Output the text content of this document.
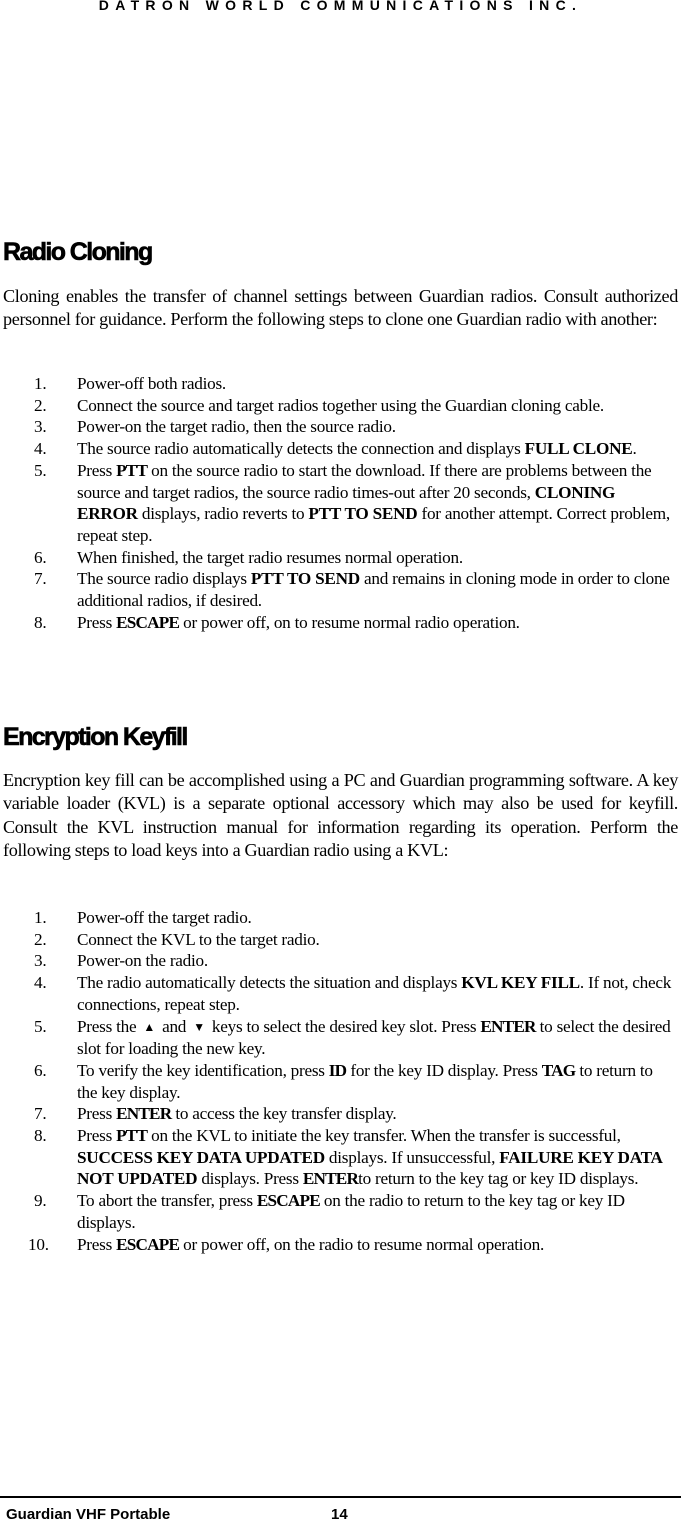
DATRON WORLD COMMUNICATIONS INC.
Radio Cloning
Cloning enables the transfer of channel settings between Guardian radios. Consult authorized personnel for guidance. Perform the following steps to clone one Guardian radio with another:
1. Power-off both radios.
2. Connect the source and target radios together using the Guardian cloning cable.
3. Power-on the target radio, then the source radio.
4. The source radio automatically detects the connection and displays FULL CLONE.
5. Press PTT on the source radio to start the download. If there are problems between the source and target radios, the source radio times-out after 20 seconds, CLONING ERROR displays, radio reverts to PTT TO SEND for another attempt. Correct problem, repeat step.
6. When finished, the target radio resumes normal operation.
7. The source radio displays PTT TO SEND and remains in cloning mode in order to clone additional radios, if desired.
8. Press ESCAPE or power off, on to resume normal radio operation.
Encryption Keyfill
Encryption key fill can be accomplished using a PC and Guardian programming software. A key variable loader (KVL) is a separate optional accessory which may also be used for keyfill. Consult the KVL instruction manual for information regarding its operation. Perform the following steps to load keys into a Guardian radio using a KVL:
1. Power-off the target radio.
2. Connect the KVL to the target radio.
3. Power-on the radio.
4. The radio automatically detects the situation and displays KVL KEY FILL. If not, check connections, repeat step.
5. Press the ▲ and ▼ keys to select the desired key slot. Press ENTER to select the desired slot for loading the new key.
6. To verify the key identification, press ID for the key ID display. Press TAG to return to the key display.
7. Press ENTER to access the key transfer display.
8. Press PTT on the KVL to initiate the key transfer. When the transfer is successful, SUCCESS KEY DATA UPDATED displays. If unsuccessful, FAILURE KEY DATA NOT UPDATED displays. Press ENTERto return to the key tag or key ID displays.
9. To abort the transfer, press ESCAPE on the radio to return to the key tag or key ID displays.
10. Press ESCAPE or power off, on the radio to resume normal operation.
Guardian VHF Portable	14
